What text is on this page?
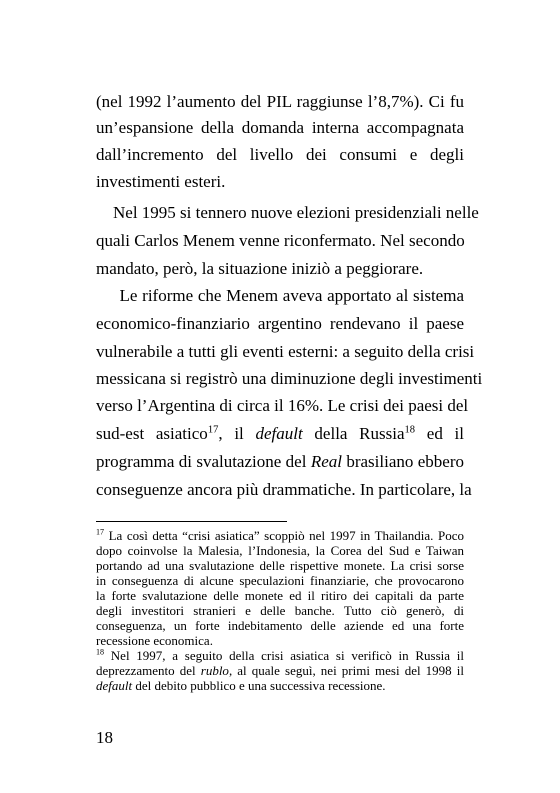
(nel 1992 l’aumento del PIL raggiunse l’8,7%). Ci fu
un’espansione della domanda interna accompagnata
dall’incremento del livello dei consumi e degli
investimenti esteri.
Nel 1995 si tennero nuove elezioni presidenziali nelle
quali Carlos Menem venne riconfermato. Nel secondo
mandato, però, la situazione iniziò a peggiorare.
Le riforme che Menem aveva apportato al sistema
economico-finanziario argentino rendevano il paese
vulnerabile a tutti gli eventi esterni: a seguito della crisi
messicana si registrò una diminuzione degli investimenti
verso l’Argentina di circa il 16%. Le crisi dei paesi del
sud-est asiatico$^{17}$, il default della Russia$^{18}$ ed il
programma di svalutazione del Real brasiliano ebbero
conseguenze ancora più drammatiche. In particolare, la
$^{17}$ La così detta “crisi asiatica” scoppiò nel 1997 in Thailandia. Poco
dopo coinvolse la Malesia, l’Indonesia, la Corea del Sud e Taiwan
portando ad una svalutazione delle rispettive monete. La crisi sorse
in conseguenza di alcune speculazioni finanziarie, che provocarono
la forte svalutazione delle monete ed il ritiro dei capitali da parte
degli investitori stranieri e delle banche. Tutto ciò generò, di
conseguenza, un forte indebitamento delle aziende ed una forte
recessione economica.
$^{18}$ Nel 1997, a seguito della crisi asiatica si verificò in Russia il
deprezzamento del rublo, al quale seguì, nei primi mesi del 1998 il
default del debito pubblico e una successiva recessione.
18
